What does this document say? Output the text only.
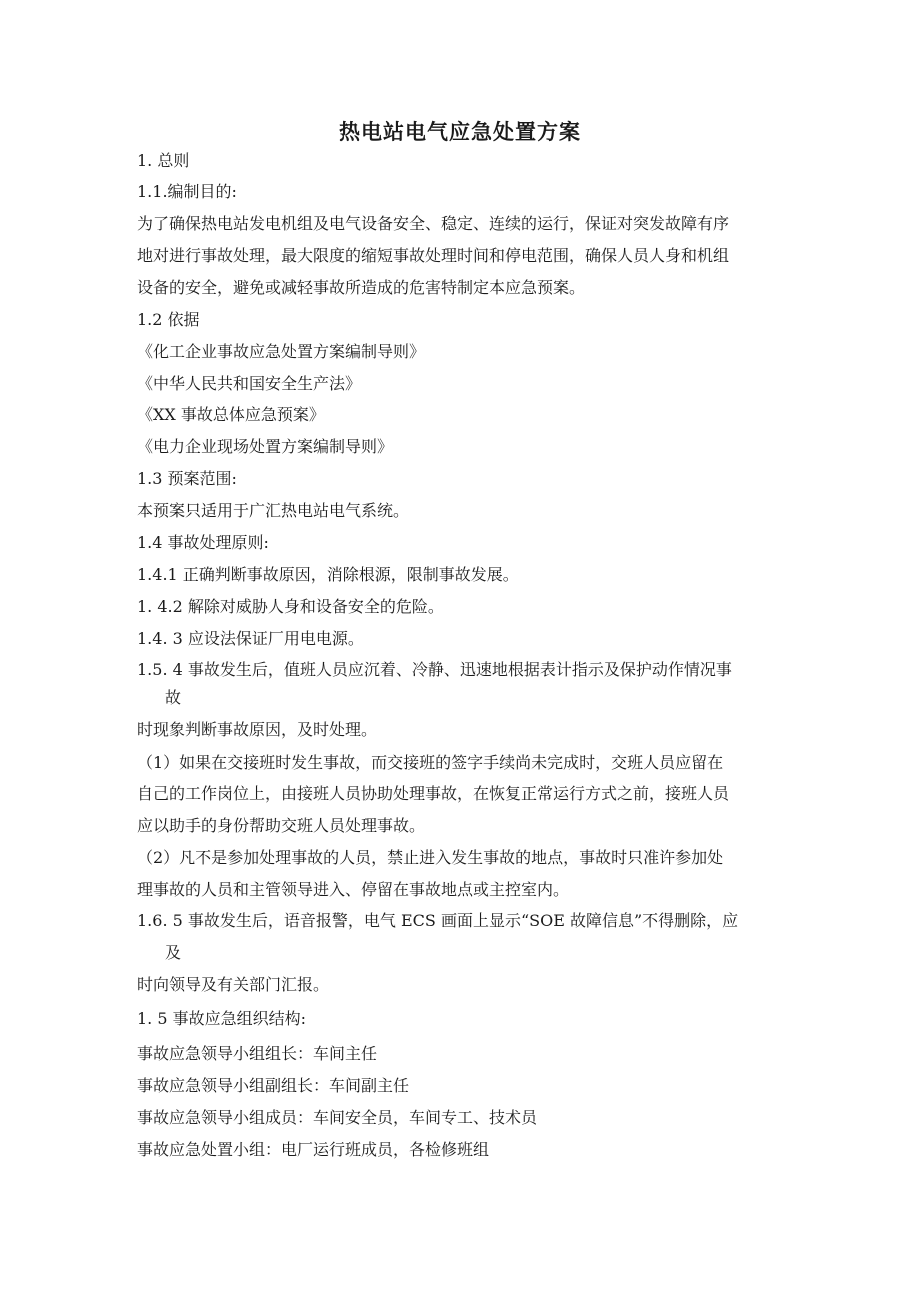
热电站电气应急处置方案
1. 总则
1.1.编制目的:
为了确保热电站发电机组及电气设备安全、稳定、连续的运行，保证对突发故障有序
地对进行事故处理，最大限度的缩短事故处理时间和停电范围，确保人员人身和机组
设备的安全，避免或减轻事故所造成的危害特制定本应急预案。
1.2 依据
《化工企业事故应急处置方案编制导则》
《中华人民共和国安全生产法》
《XX 事故总体应急预案》
《电力企业现场处置方案编制导则》
1.3 预案范围:
本预案只适用于广汇热电站电气系统。
1.4 事故处理原则:
1.4.1 正确判断事故原因，消除根源，限制事故发展。
1. 4.2 解除对威胁人身和设备安全的危险。
1.4. 3 应设法保证厂用电电源。
1.5. 4 事故发生后，值班人员应沉着、冷静、迅速地根据表计指示及保护动作情况事
故
时现象判断事故原因，及时处理。
（1）如果在交接班时发生事故，而交接班的签字手续尚未完成时，交班人员应留在
自己的工作岗位上，由接班人员协助处理事故，在恢复正常运行方式之前，接班人员
应以助手的身份帮助交班人员处理事故。
（2）凡不是参加处理事故的人员，禁止进入发生事故的地点，事故时只准许参加处
理事故的人员和主管领导进入、停留在事故地点或主控室内。
1.6. 5 事故发生后，语音报警，电气 ECS 画面上显示“SOE 故障信息”不得删除，应
及
时向领导及有关部门汇报。
1. 5 事故应急组织结构:
事故应急领导小组组长：车间主任
事故应急领导小组副组长：车间副主任
事故应急领导小组成员：车间安全员，车间专工、技术员
事故应急处置小组：电厂运行班成员，各检修班组
